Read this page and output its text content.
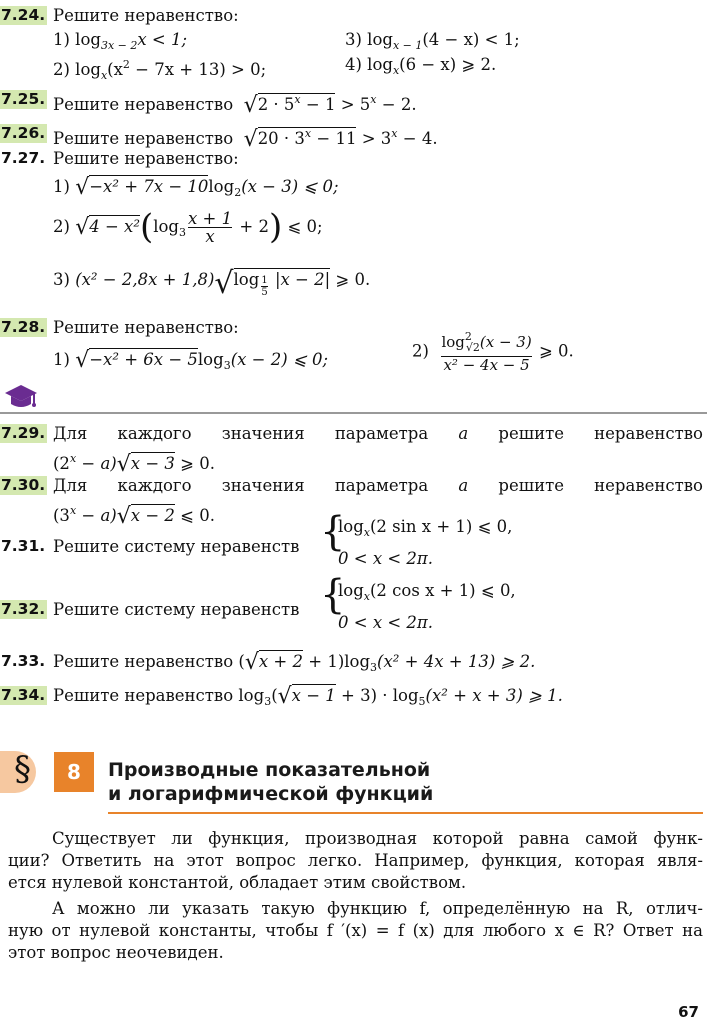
7.24. Решите неравенство:
1) $\log_{3x - 2}x < 1$;	3) $\log_{x - 1}(4 - x) < 1$;
2) $\log_x(x^2 - 7x + 13) > 0$;	4) $\log_x(6 - x)$ ⩾ 2.
7.25. Решите неравенство $√2 \cdot 5^x - 1 > 5^x - 2$.
7.26. Решите неравенство $√20 \cdot 3^x - 11 > 3^x - 4$.
7.27. Решите неравенство:
1) $√-x^2 + 7x - 10\log_2(x - 3)$ ⩽ 0;
2) $√4 - x^2(\log_3 \frac{x + 1}{x} + 2)$ ⩽ 0;
3) $(x^2 - 2,8x + 1,8)√\log \frac{1}{5} |x - 2|$ ⩾ 0.
7.28. Решите неравенство:
1) $√-x^2 + 6x - 5\log_3(x - 2)$ ⩽ 0;	$2) \frac{\log^2_{√2}(x - 3)}{\text{x² − 4x − 5}}$ ⩾ 0.
7.29. Для каждого значения параметра a решите неравенство
$(2^x - a)√x - 3$ ⩾ 0.
7.30. Для каждого значения параметра a решите неравенство
$(3^x - a)√x - 2$ ⩽ 0.
7.31. Решите систему неравенств {
$\log_x(2$ sin x + 1) ⩽ 0,
0 < x < 2π.
7.32. Решите систему неравенств {
$\log_x(2$ cos x + 1) ⩽ 0,
0 < x < 2π.
7.33. Решите неравенство $(√x + 2 + 1)\log_3(x^2 + 4x + 13)$ ⩾ 2.
7.34. Решите неравенство $\log_3(√x - 1 + 3) \cdot \log_5(x^2 + x + 3)$ ⩾ 1.
§	8	Производные показательной
и логарифмической функций
Существует ли функция, производная которой равна самой функ-
ции? Ответить на этот вопрос легко. Например, функция, которая явля-
ется нулевой константой, обладает этим свойством.
А можно ли указать такую функцию f, определённую на R, отлич-
ную от нулевой константы, чтобы f ′(x) = f (x) для любого x ∈ R? Ответ на
этот вопрос неочевиден.
67
